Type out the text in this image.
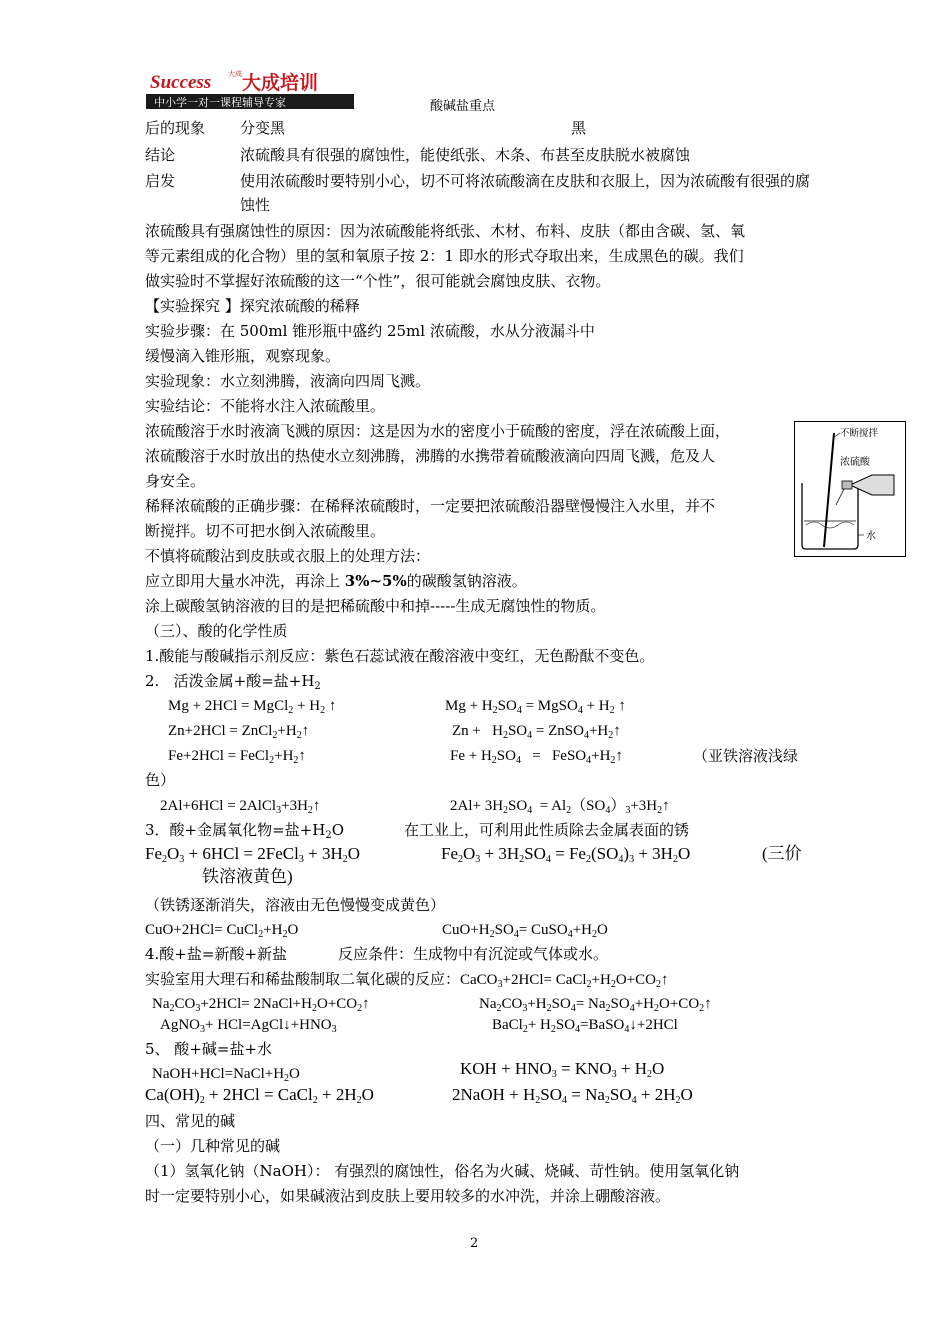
Success 大成 大成培训
中小学一对一课程辅导专家	酸碱盐重点
后的现象 分变黑	黑
结论	浓硫酸具有很强的腐蚀性，能使纸张、木条、布甚至皮肤脱水被腐蚀
启发	使用浓硫酸时要特别小心，切不可将浓硫酸滴在皮肤和衣服上，因为浓硫酸有很强的腐
蚀性
浓硫酸具有强腐蚀性的原因：因为浓硫酸能将纸张、木材、布料、皮肤（都由含碳、氢、氧
等元素组成的化合物）里的氢和氧原子按 2：1 即水的形式夺取出来，生成黑色的碳。我们
做实验时不掌握好浓硫酸的这一“个性”，很可能就会腐蚀皮肤、衣物。
【实验探究 】探究浓硫酸的稀释
实验步骤：在 500ml 锥形瓶中盛约 25ml 浓硫酸，水从分液漏斗中
缓慢滴入锥形瓶，观察现象。
实验现象：水立刻沸腾，液滴向四周飞溅。
实验结论：不能将水注入浓硫酸里。
浓硫酸溶于水时液滴飞溅的原因：这是因为水的密度小于硫酸的密度，浮在浓硫酸上面，
浓硫酸溶于水时放出的热使水立刻沸腾，沸腾的水携带着硫酸液滴向四周飞溅，危及人
身安全。
稀释浓硫酸的正确步骤：在稀释浓硫酸时，一定要把浓硫酸沿器壁慢慢注入水里，并不
断搅拌。切不可把水倒入浓硫酸里。
不慎将硫酸沾到皮肤或衣服上的处理方法：
应立即用大量水冲洗，再涂上 3%~5%的碳酸氢钠溶液。
涂上碳酸氢钠溶液的目的是把稀硫酸中和掉-----生成无腐蚀性的物质。
（三）、酸的化学性质
1.酸能与酸碱指示剂反应：紫色石蕊试液在酸溶液中变红，无色酚酞不变色。
2. 活泼金属+酸=盐$+H_2$
不断搅拌
浓硫酸
水
Mg + 2HCl = MgCl$_2$ + $H_2$ ↑	$Mg + H_2SO_4$ = MgSO$_4$ + $H_2$ ↑
$Zn+2HCl = ZnCl_2+H_2↑$	$Zn + H_2SO_4$ = $ZnSO_4+H_2↑$
$Fe+2HCl = FeCl_2+H_2↑$	$Fe + H_2SO_4$   =   $FeSO_4+H_2↑$	（亚铁溶液浅绿
色）
$2Al+6HCl = 2AlCl_3+3H_2↑$	$2Al+ 3H_2SO_4$  = $Al_2(SO_4)_3+3H_2↑$
3．酸+金属氧化物=盐$+H_2O$	在工业上，可利用此性质除去金属表面的锈
$Fe_2O_3 + 6HCl$ = 2FeCl$_3$ + $3H_2O$	$Fe_2O_3 + 3H_2SO_4 = Fe_2(SO_4)_3 + 3H_2O$	(三价
铁溶液黄色)
（铁锈逐渐消失，溶液由无色慢慢变成黄色）
$CuO+2HCl= CuCl_2+H_2O$	$CuO+H_2SO_4=$ $CuSO_4+H_2O$
4.酸+盐=新酸+新盐	反应条件：生成物中有沉淀或气体或水。
实验室用大理石和稀盐酸制取二氧化碳的反应：CaCO$_3$+2HCl= $CaCl_2+H_2O+CO_2↑$
$Na_2CO_3+2HCl=$ $2NaCl+H_2O+CO_2↑$	$Na_2CO_3+H_2SO_4=$ $Na_2SO_4+H_2O+CO_2↑$
AgNO$_3$+ $HCl=AgCl↓+HNO_3$	BaCl$_2$+ $H_2SO_4=BaSO_4↓+2HCl$
5、 酸+碱=盐+水
$NaOH+HCl=NaCl+H_2O$	KOH + $HNO_3 = KNO_3 + H_2O$
$Ca(OH)_2 + 2HCl$ = CaCl$_2$ + $2H_2O$	2NaOH + $H_2SO_4 = Na_2SO_4 + 2H_2O$
四、常见的碱
（一）几种常见的碱
（1）氢氧化钠（NaOH）： 有强烈的腐蚀性，俗名为火碱、烧碱、苛性钠。使用氢氧化钠
时一定要特别小心，如果碱液沾到皮肤上要用较多的水冲洗，并涂上硼酸溶液。
2
